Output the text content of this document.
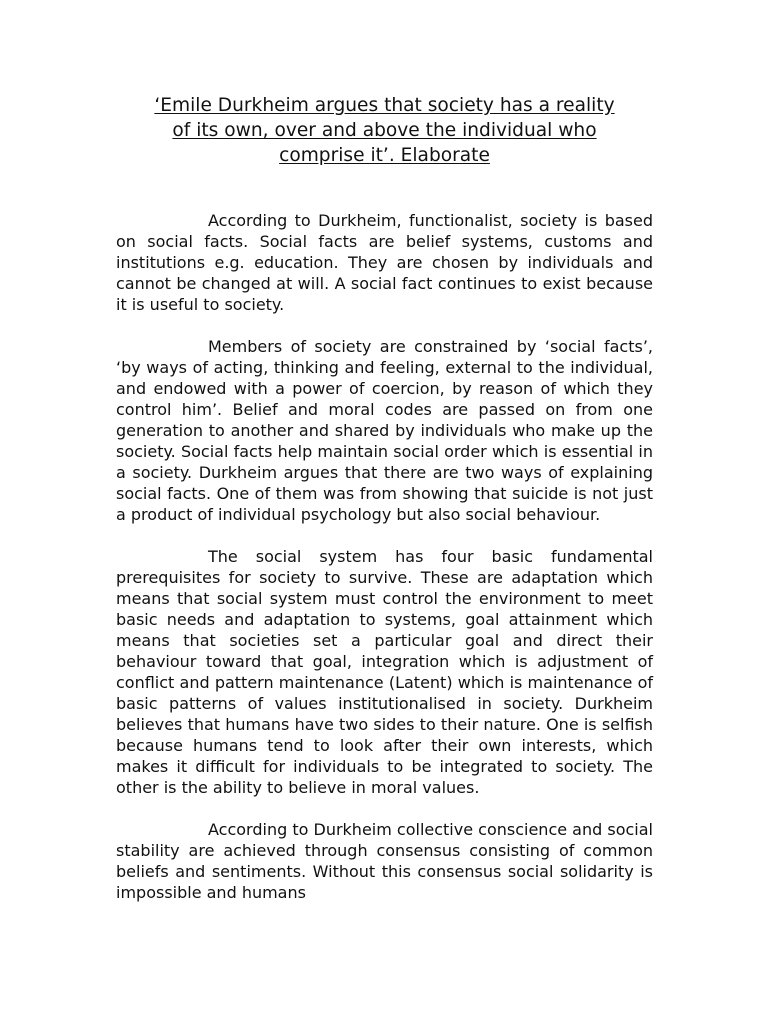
‘Emile Durkheim argues that society has a reality
of its own, over and above the individual who
comprise it’. Elaborate

According to Durkheim, functionalist, society is based on social facts. Social facts are belief systems, customs and institutions e.g. education. They are chosen by individuals and cannot be changed at will. A social fact continues to exist because it is useful to society.

Members of society are constrained by ‘social facts’, ‘by ways of acting, thinking and feeling, external to the individual, and endowed with a power of coercion, by reason of which they control him’. Belief and moral codes are passed on from one generation to another and shared by individuals who make up the society. Social facts help maintain social order which is essential in a society. Durkheim argues that there are two ways of explaining social facts. One of them was from showing that suicide is not just a product of individual psychology but also social behaviour.

The social system has four basic fundamental prerequisites for society to survive. These are adaptation which means that social system must control the environment to meet basic needs and adaptation to systems, goal attainment which means that societies set a particular goal and direct their behaviour toward that goal, integration which is adjustment of conflict and pattern maintenance (Latent) which is maintenance of basic patterns of values institutionalised in society. Durkheim believes that humans have two sides to their nature. One is selfish because humans tend to look after their own interests, which makes it difficult for individuals to be integrated to society. The other is the ability to believe in moral values.

According to Durkheim collective conscience and social stability are achieved through consensus consisting of common beliefs and sentiments. Without this consensus social solidarity is impossible and humans
